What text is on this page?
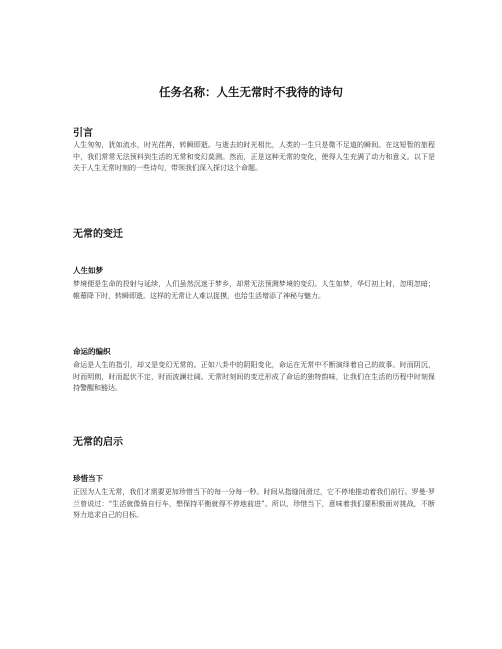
任务名称：人生无常时不我待的诗句
引言

人生匆匆，犹如流水，时光荏苒，转瞬即逝。与逝去的时光相比，人类的一生只是微不足道的瞬间。在这短暂的旅程中，我们常常无法预料到生活的无常和变幻莫测。然而，正是这种无常的变化，使得人生充满了动力和意义。以下是关于人生无常时刻的一些诗句，带领我们深入探讨这个命题。

无常的变迁
人生如梦

梦境便是生命的投射与延续，人们虽然沉迷于梦乡，却常无法预测梦境的变幻。人生如梦，华灯初上时，忽明忽暗；帷幕降下时，转瞬即逝。这样的无常让人难以捉摸，也给生活增添了神秘与魅力。

命运的编织

命运是人生的指引，却又是变幻无常的。正如八卦中的阴阳变化，命运在无常中不断演绎着自己的故事。时而阴沉，时而明朗，时而起伏不定，时而波澜壮阔。无常时刻间的变迁形成了命运的独特韵味，让我们在生活的历程中时刻保持警醒和豁达。

无常的启示
珍惜当下

正因为人生无常，我们才需要更加珍惜当下的每一分每一秒。时间从指缝间滑过，它不停地推动着我们前行。罗曼·罗兰曾说过：“生活就像骑自行车，想保持平衡就得不停地前进”。所以，珍惜当下，意味着我们要积极面对挑战，不断努力追求自己的目标。
